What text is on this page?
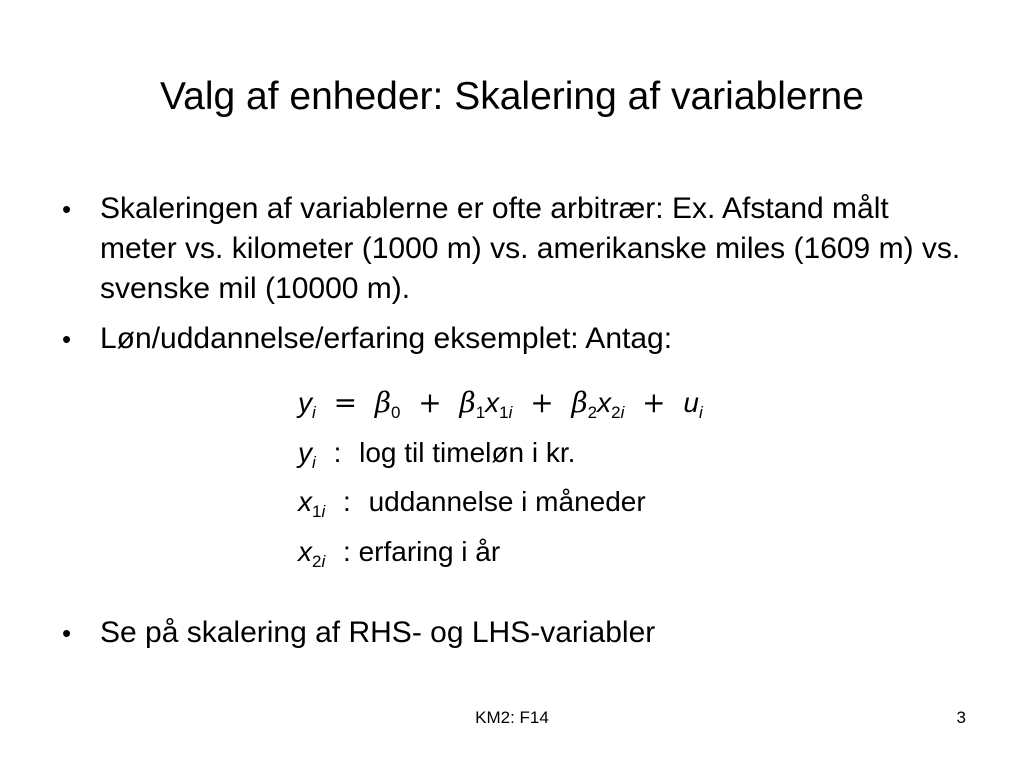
Valg af enheder: Skalering af variablerne
• Skaleringen af variablerne er ofte arbitrær: Ex. Afstand målt meter vs. kilometer (1000 m) vs. amerikanske miles (1609 m) vs. svenske mil (10000 m).
• Løn/uddannelse/erfaring eksemplet: Antag:
$y_i = \beta_0 + \beta_1x_{1i} + \beta_2x_{2i} + u_i$
$y_i$ : log til timeløn i kr.
$x_{1i}$ : uddannelse i måneder
$x_{2i}$ : erfaring i år
• Se på skalering af RHS- og LHS-variabler
KM2: F14	3
